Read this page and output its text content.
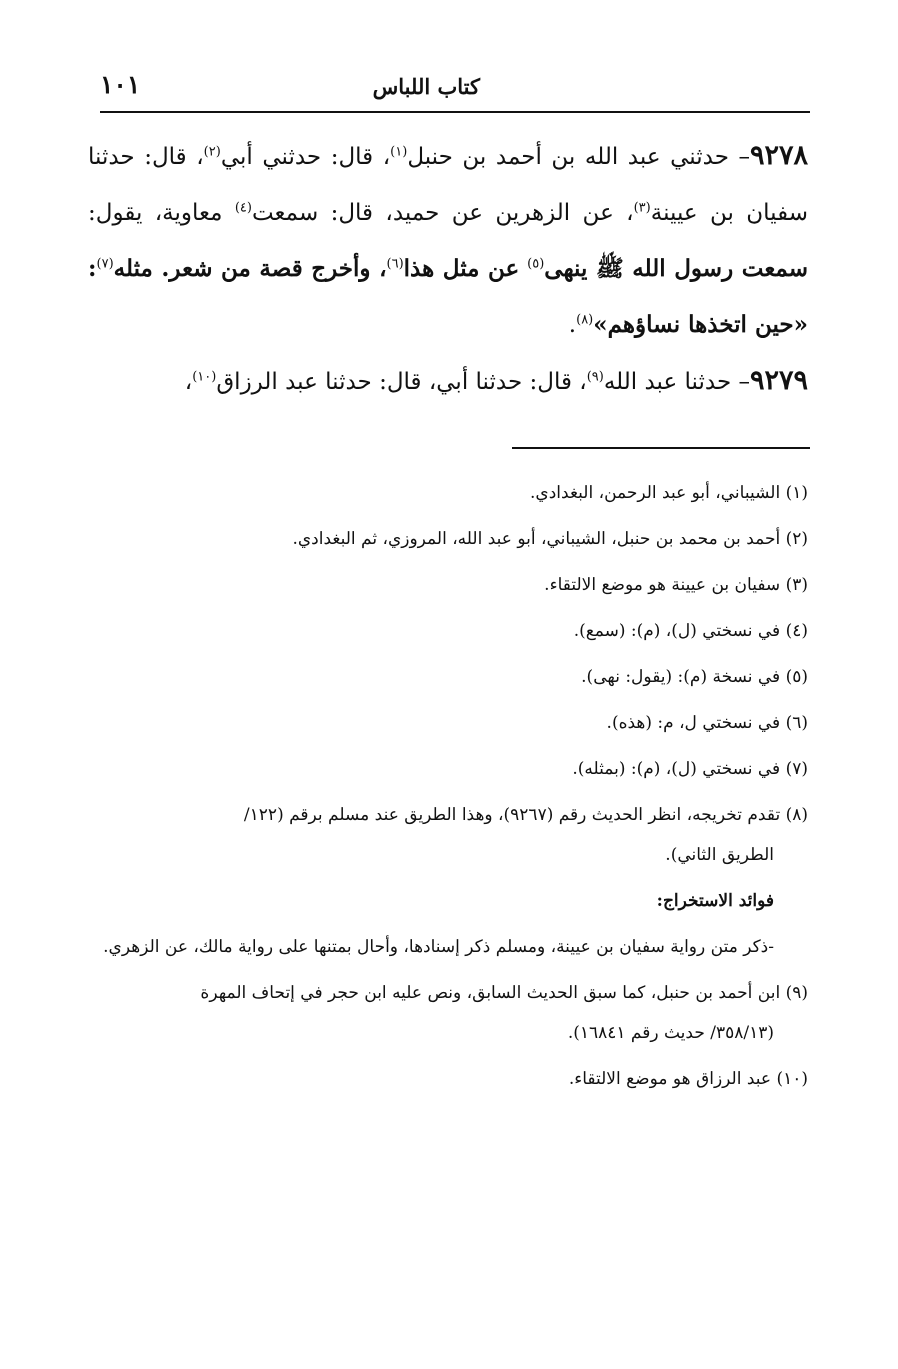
كتاب اللباس
١٠١

٩٢٧٨– حدثني عبد الله بن أحمد بن حنبل$^{(١)}$، قال: حدثني أبي$^{(٢)}$، قال: حدثنا سفيان بن عيينة$^{(٣)}$، عن الزهرين عن حميد، قال: سمعت$^{(٤)}$ معاوية، يقول: سمعت رسول الله ﷺ ينهى$^{(٥)}$ عن مثل هذا$^{(٦)}$، وأخرج قصة من شعر. مثله$^{(٧)}$: «حين اتخذها نساؤهم»$^{(٨)}$.

٩٢٧٩– حدثنا عبد الله$^{(٩)}$، قال: حدثنا أبي، قال: حدثنا عبد الرزاق$^{(١٠)}$،

(١) الشيباني، أبو عبد الرحمن، البغدادي.
(٢) أحمد بن محمد بن حنبل، الشيباني، أبو عبد الله، المروزي، ثم البغدادي.
(٣) سفيان بن عيينة هو موضع الالتقاء.
(٤) في نسختي (ل)، (م): (سمع).
(٥) في نسخة (م): (يقول: نهى).
(٦) في نسختي ل، م: (هذه).
(٧) في نسختي (ل)، (م): (بمثله).
(٨) تقدم تخريجه، انظر الحديث رقم (٩٢٦٧)، وهذا الطريق عند مسلم برقم (١٢٢/
الطريق الثاني).
فوائد الاستخراج:
-ذكر متن رواية سفيان بن عيينة، ومسلم ذكر إسنادها، وأحال بمتنها على رواية مالك، عن الزهري.
(٩) ابن أحمد بن حنبل، كما سبق الحديث السابق، ونص عليه ابن حجر في إتحاف المهرة
(٣٥٨/١٣/ حديث رقم ١٦٨٤١).
(١٠) عبد الرزاق هو موضع الالتقاء.
